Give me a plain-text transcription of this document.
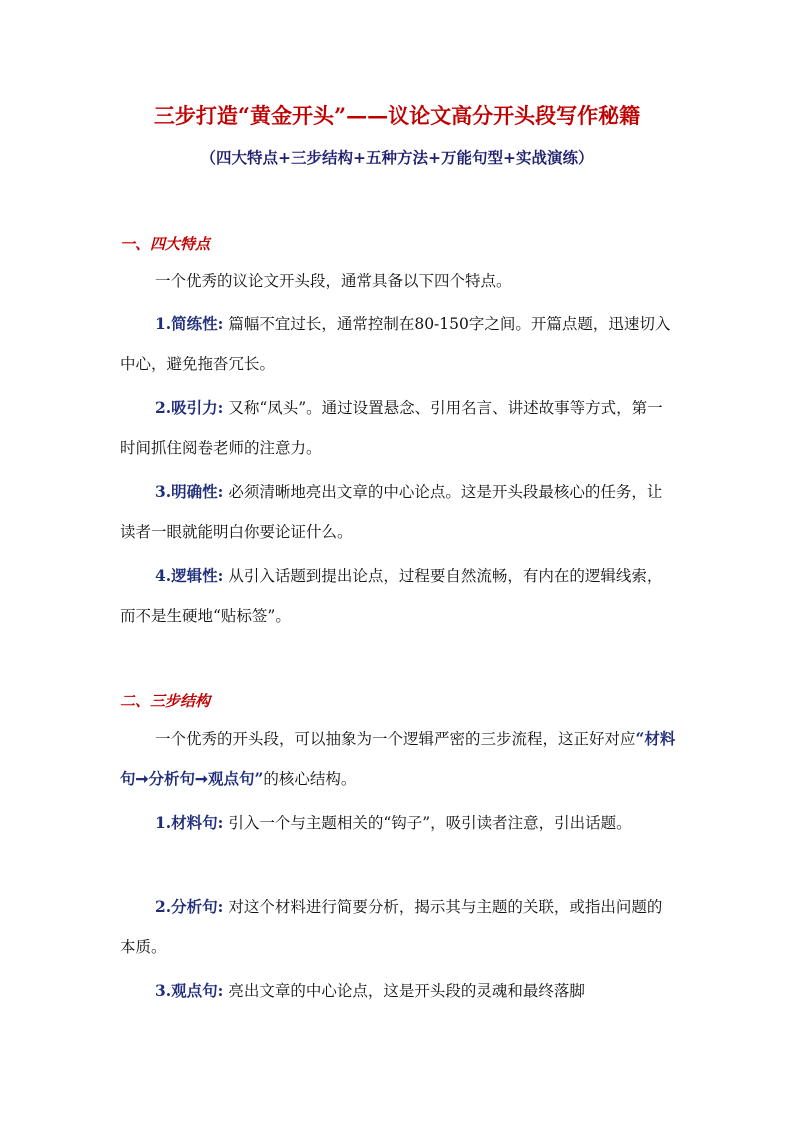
三步打造“黄金开头”——议论文高分开头段写作秘籍
（四大特点+三步结构+五种方法+万能句型+实战演练）
一、四大特点
一个优秀的议论文开头段，通常具备以下四个特点。
1.简练性: 篇幅不宜过长，通常控制在80-150字之间。开篇点题，迅速切入中心，避免拖沓冗长。
2.吸引力: 又称“凤头”。通过设置悬念、引用名言、讲述故事等方式，第一时间抓住阅卷老师的注意力。
3.明确性: 必须清晰地亮出文章的中心论点。这是开头段最核心的任务，让读者一眼就能明白你要论证什么。
4.逻辑性: 从引入话题到提出论点，过程要自然流畅，有内在的逻辑线索，而不是生硬地“贴标签”。
二、三步结构
一个优秀的开头段，可以抽象为一个逻辑严密的三步流程，这正好对应“材料句➞分析句➞观点句”的核心结构。
1.材料句: 引入一个与主题相关的“钩子”，吸引读者注意，引出话题。
2.分析句: 对这个材料进行简要分析，揭示其与主题的关联，或指出问题的本质。
3.观点句: 亮出文章的中心论点，这是开头段的灵魂和最终落脚
